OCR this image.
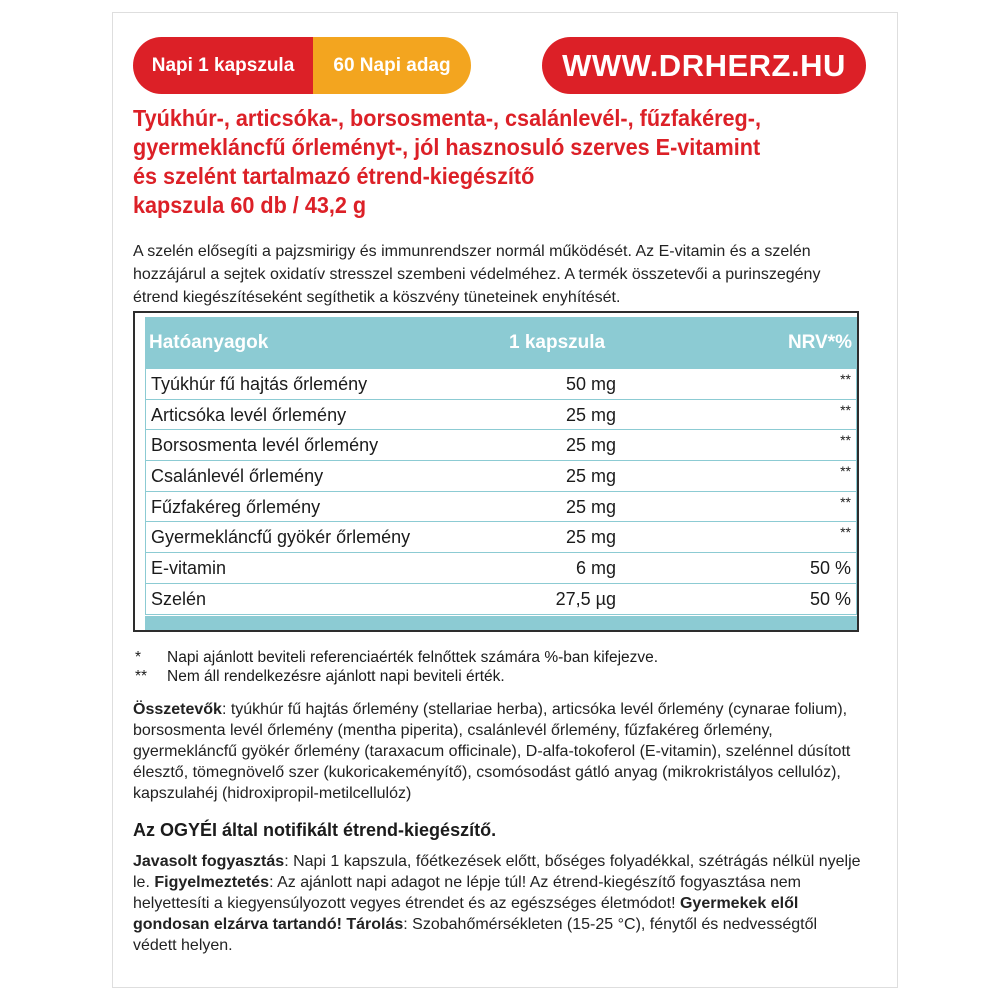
Napi 1 kapszula	60 Napi adag	WWW.DRHERZ.HU
Tyúkhúr-, articsóka-, borsosmenta-, csalánlevél-, fűzfakéreg-,
gyermekláncfű őrleményt-, jól hasznosuló szerves E-vitamint
és szelént tartalmazó étrend-kiegészítő
kapszula 60 db / 43,2 g
A szelén elősegíti a pajzsmirigy és immunrendszer normál működését. Az E-vitamin és a szelén hozzájárul a sejtek oxidatív stresszel szembeni védelméhez. A termék összetevői a purinszegény étrend kiegészítéseként segíthetik a köszvény tüneteinek enyhítését.
Hatóanyagok	1 kapszula	NRV*%
Tyúkhúr fű hajtás őrlemény	50 mg	**
Articsóka levél őrlemény	25 mg	**
Borsosmenta levél őrlemény	25 mg	**
Csalánlevél őrlemény	25 mg	**
Fűzfakéreg őrlemény	25 mg	**
Gyermekláncfű gyökér őrlemény	25 mg	**
E-vitamin	6 mg	50 %
Szelén	27,5 µg	50 %
* Napi ajánlott beviteli referenciaérték felnőttek számára %-ban kifejezve.
** Nem áll rendelkezésre ajánlott napi beviteli érték.
Összetevők: tyúkhúr fű hajtás őrlemény (stellariae herba), articsóka levél őrlemény (cynarae folium), borsosmenta levél őrlemény (mentha piperita), csalánlevél őrlemény, fűzfakéreg őrlemény, gyermekláncfű gyökér őrlemény (taraxacum officinale), D-alfa-tokoferol (E-vitamin), szelénnel dúsított élesztő, tömegnövelő szer (kukoricakeményítő), csomósodást gátló anyag (mikrokristályos cellulóz), kapszulahéj (hidroxipropil-metilcellulóz)
Az OGYÉI által notifikált étrend-kiegészítő.
Javasolt fogyasztás: Napi 1 kapszula, főétkezések előtt, bőséges folyadékkal, szétrágás nélkül nyelje le. Figyelmeztetés: Az ajánlott napi adagot ne lépje túl! Az étrend-kiegészítő fogyasztása nem helyettesíti a kiegyensúlyozott vegyes étrendet és az egészséges életmódot! Gyermekek elől gondosan elzárva tartandó! Tárolás: Szobahőmérsékleten (15-25 °C), fénytől és nedvességtől védett helyen.
